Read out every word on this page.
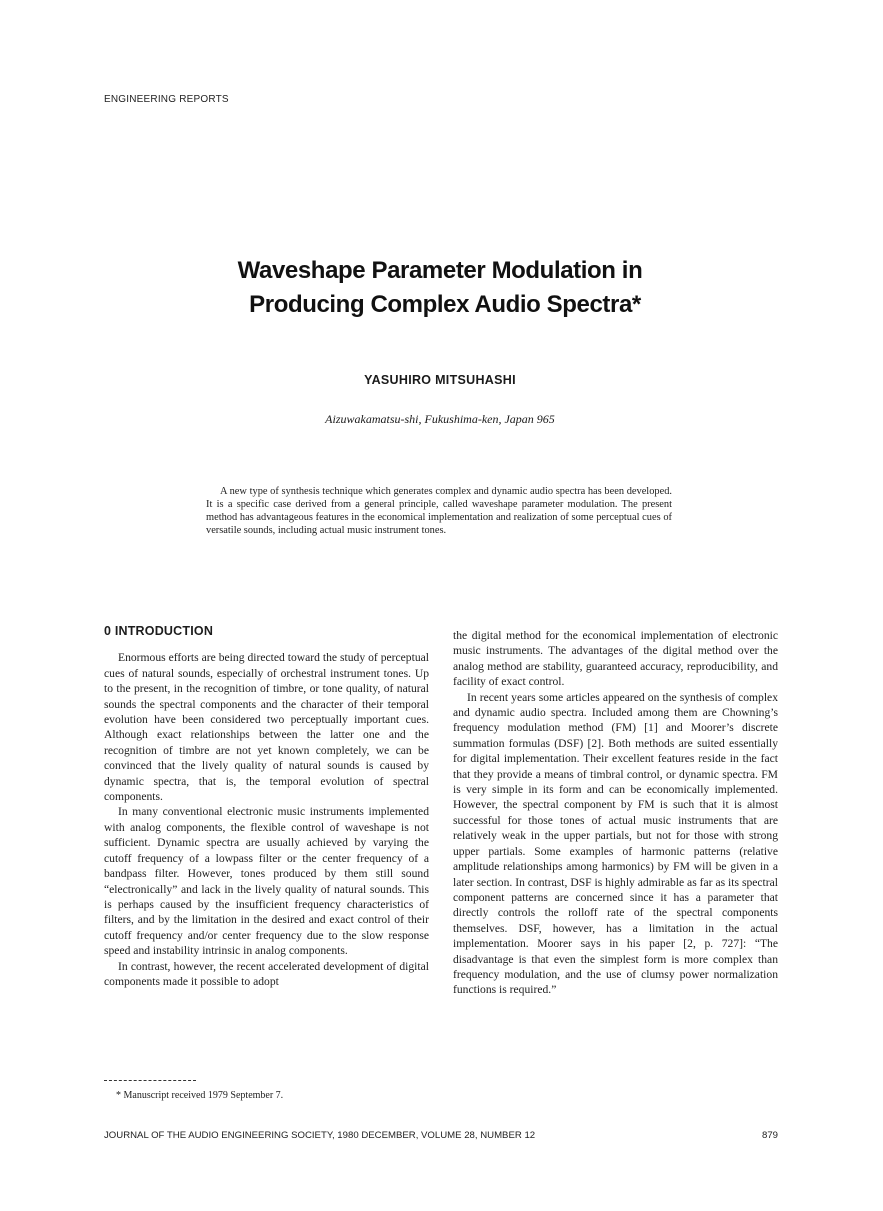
ENGINEERING REPORTS
Waveshape Parameter Modulation in
Producing Complex Audio Spectra*
YASUHIRO MITSUHASHI
Aizuwakamatsu-shi, Fukushima-ken, Japan 965
A new type of synthesis technique which generates complex and dynamic audio spectra has been developed. It is a specific case derived from a general principle, called waveshape parameter modulation. The present method has advantageous features in the economical implementation and realization of some perceptual cues of versatile sounds, including actual music instrument tones.
0 INTRODUCTION

Enormous efforts are being directed toward the study of perceptual cues of natural sounds, especially of orchestral instrument tones. Up to the present, in the recognition of timbre, or tone quality, of natural sounds the spectral components and the character of their temporal evolution have been considered two perceptually important cues. Although exact relationships between the latter one and the recognition of timbre are not yet known completely, we can be convinced that the lively quality of natural sounds is caused by dynamic spectra, that is, the temporal evolution of spectral components.

In many conventional electronic music instruments implemented with analog components, the flexible control of waveshape is not sufficient. Dynamic spectra are usually achieved by varying the cutoff frequency of a lowpass filter or the center frequency of a bandpass filter. However, tones produced by them still sound “electronically” and lack in the lively quality of natural sounds. This is perhaps caused by the insufficient frequency characteristics of filters, and by the limitation in the desired and exact control of their cutoff frequency and/or center frequency due to the slow response speed and instability intrinsic in analog components.

In contrast, however, the recent accelerated development of digital components made it possible to adopt

the digital method for the economical implementation of electronic music instruments. The advantages of the digital method over the analog method are stability, guaranteed accuracy, reproducibility, and facility of exact control.

In recent years some articles appeared on the synthesis of complex and dynamic audio spectra. Included among them are Chowning’s frequency modulation method (FM) [1] and Moorer’s discrete summation formulas (DSF) [2]. Both methods are suited essentially for digital implementation. Their excellent features reside in the fact that they provide a means of timbral control, or dynamic spectra. FM is very simple in its form and can be economically implemented. However, the spectral component by FM is such that it is almost successful for those tones of actual music instruments that are relatively weak in the upper partials, but not for those with strong upper partials. Some examples of harmonic patterns (relative amplitude relationships among harmonics) by FM will be given in a later section. In contrast, DSF is highly admirable as far as its spectral component patterns are concerned since it has a parameter that directly controls the rolloff rate of the spectral components themselves. DSF, however, has a limitation in the actual implementation. Moorer says in his paper [2, p. 727]: “The disadvantage is that even the simplest form is more complex than frequency modulation, and the use of clumsy power normalization functions is required.”

* Manuscript received 1979 September 7.
JOURNAL OF THE AUDIO ENGINEERING SOCIETY, 1980 DECEMBER, VOLUME 28, NUMBER 12	879
